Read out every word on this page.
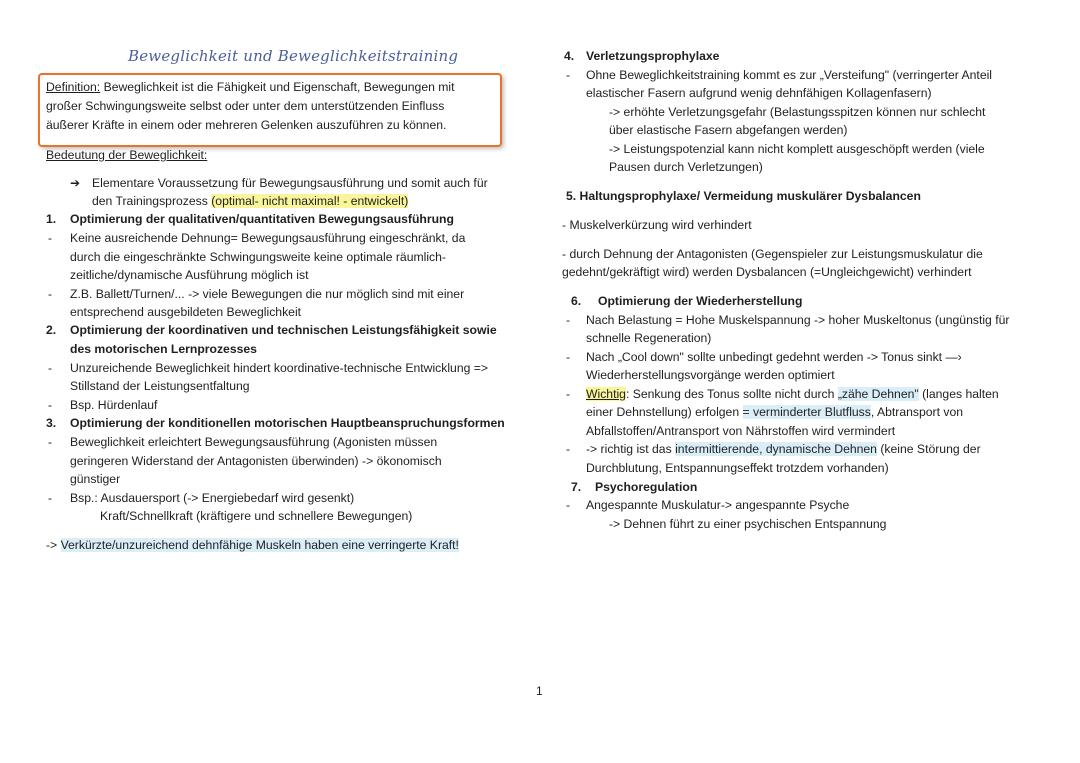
Beweglichkeit und Beweglichkeitstraining
Definition: Beweglichkeit ist die Fähigkeit und Eigenschaft, Bewegungen mit
großer Schwingungsweite selbst oder unter dem unterstützenden Einfluss
äußerer Kräfte in einem oder mehreren Gelenken auszuführen zu können.
Bedeutung der Beweglichkeit:
➔ Elementare Voraussetzung für Bewegungsausführung und somit auch für
den Trainingsprozess (optimal- nicht maximal! - entwickelt)
1. Optimierung der qualitativen/quantitativen Bewegungsausführung
- Keine ausreichende Dehnung= Bewegungsausführung eingeschränkt, da
durch die eingeschränkte Schwingungsweite keine optimale räumlich-
zeitliche/dynamische Ausführung möglich ist
- Z.B. Ballett/Turnen/... -> viele Bewegungen die nur möglich sind mit einer
entsprechend ausgebildeten Beweglichkeit
2. Optimierung der koordinativen und technischen Leistungsfähigkeit sowie
des motorischen Lernprozesses
- Unzureichende Beweglichkeit hindert koordinative-technische Entwicklung =>
Stillstand der Leistungsentfaltung
- Bsp. Hürdenlauf
3. Optimierung der konditionellen motorischen Hauptbeanspruchungsformen
- Beweglichkeit erleichtert Bewegungsausführung (Agonisten müssen
geringeren Widerstand der Antagonisten überwinden) -> ökonomisch
günstiger
- Bsp.: Ausdauersport (-> Energiebedarf wird gesenkt)
Kraft/Schnellkraft (kräftigere und schnellere Bewegungen)
-> Verkürzte/unzureichend dehnfähige Muskeln haben eine verringerte Kraft!
4. Verletzungsprophylaxe
- Ohne Beweglichkeitstraining kommt es zur „Versteifung" (verringerter Anteil
elastischer Fasern aufgrund wenig dehnfähigen Kollagenfasern)
-> erhöhte Verletzungsgefahr (Belastungsspitzen können nur schlecht
über elastische Fasern abgefangen werden)
-> Leistungspotenzial kann nicht komplett ausgeschöpft werden (viele
Pausen durch Verletzungen)
5. Haltungsprophylaxe/ Vermeidung muskulärer Dysbalancen
- Muskelverkürzung wird verhindert
- durch Dehnung der Antagonisten (Gegenspieler zur Leistungsmuskulatur die
gedehnt/gekräftigt wird) werden Dysbalancen (=Ungleichgewicht) verhindert
6. Optimierung der Wiederherstellung
- Nach Belastung = Hohe Muskelspannung -> hoher Muskeltonus (ungünstig für
schnelle Regeneration)
- Nach „Cool down" sollte unbedingt gedehnt werden -> Tonus sinkt —›
Wiederherstellungsvorgänge werden optimiert
- Wichtig: Senkung des Tonus sollte nicht durch „zähe Dehnen" (langes halten
einer Dehnstellung) erfolgen = verminderter Blutfluss, Abtransport von
Abfallstoffen/Antransport von Nährstoffen wird vermindert
- -> richtig ist das intermittierende, dynamische Dehnen (keine Störung der
Durchblutung, Entspannungseffekt trotzdem vorhanden)
7. Psychoregulation
- Angespannte Muskulatur-> angespannte Psyche
-> Dehnen führt zu einer psychischen Entspannung
1
